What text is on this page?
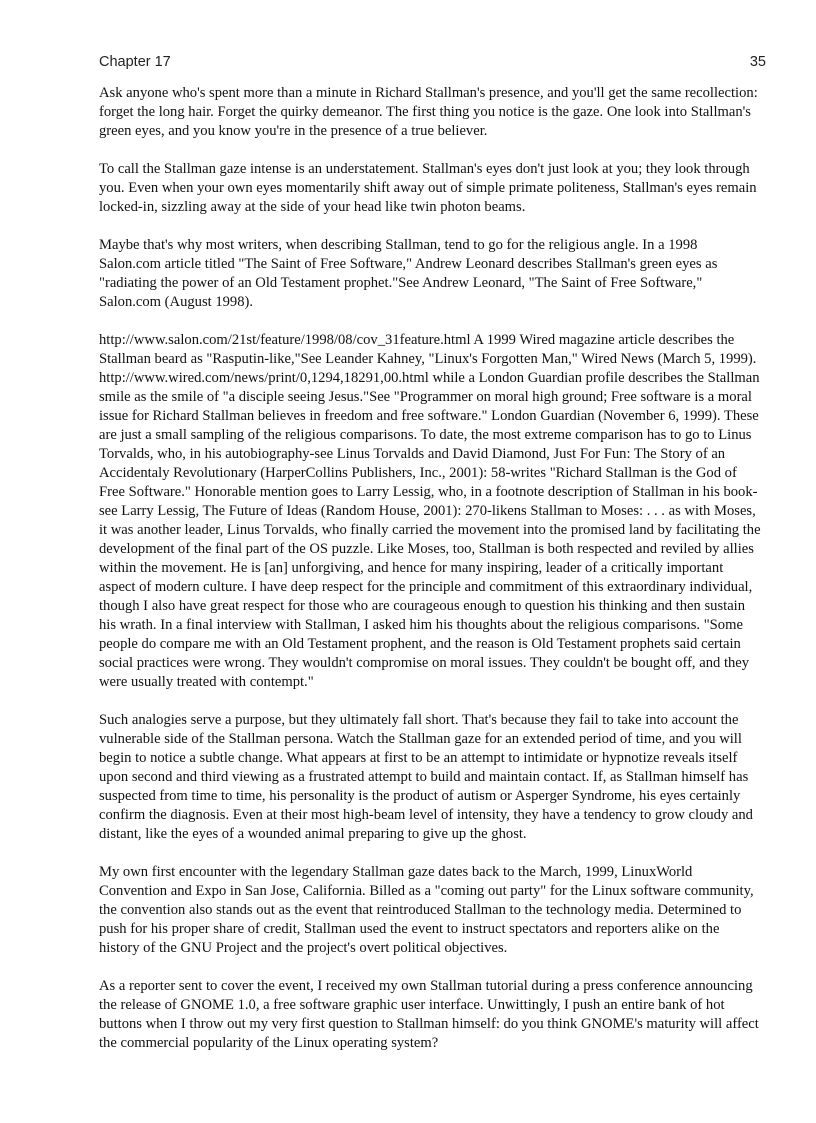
Chapter 17	35

Ask anyone who's spent more than a minute in Richard Stallman's presence, and you'll get the same recollection: forget the long hair. Forget the quirky demeanor. The first thing you notice is the gaze. One look into Stallman's green eyes, and you know you're in the presence of a true believer.

To call the Stallman gaze intense is an understatement. Stallman's eyes don't just look at you; they look through you. Even when your own eyes momentarily shift away out of simple primate politeness, Stallman's eyes remain locked-in, sizzling away at the side of your head like twin photon beams.

Maybe that's why most writers, when describing Stallman, tend to go for the religious angle. In a 1998 Salon.com article titled "The Saint of Free Software," Andrew Leonard describes Stallman's green eyes as "radiating the power of an Old Testament prophet."See Andrew Leonard, "The Saint of Free Software," Salon.com (August 1998).

http://www.salon.com/21st/feature/1998/08/cov_31feature.html A 1999 Wired magazine article describes the Stallman beard as "Rasputin-like,"See Leander Kahney, "Linux's Forgotten Man," Wired News (March 5, 1999). http://www.wired.com/news/print/0,1294,18291,00.html while a London Guardian profile describes the Stallman smile as the smile of "a disciple seeing Jesus."See "Programmer on moral high ground; Free software is a moral issue for Richard Stallman believes in freedom and free software." London Guardian (November 6, 1999). These are just a small sampling of the religious comparisons. To date, the most extreme comparison has to go to Linus Torvalds, who, in his autobiography-see Linus Torvalds and David Diamond, Just For Fun: The Story of an Accidentaly Revolutionary (HarperCollins Publishers, Inc., 2001): 58-writes "Richard Stallman is the God of Free Software." Honorable mention goes to Larry Lessig, who, in a footnote description of Stallman in his book-see Larry Lessig, The Future of Ideas (Random House, 2001): 270-likens Stallman to Moses: . . . as with Moses, it was another leader, Linus Torvalds, who finally carried the movement into the promised land by facilitating the development of the final part of the OS puzzle. Like Moses, too, Stallman is both respected and reviled by allies within the movement. He is [an] unforgiving, and hence for many inspiring, leader of a critically important aspect of modern culture. I have deep respect for the principle and commitment of this extraordinary individual, though I also have great respect for those who are courageous enough to question his thinking and then sustain his wrath. In a final interview with Stallman, I asked him his thoughts about the religious comparisons. "Some people do compare me with an Old Testament prophent, and the reason is Old Testament prophets said certain social practices were wrong. They wouldn't compromise on moral issues. They couldn't be bought off, and they were usually treated with contempt."

Such analogies serve a purpose, but they ultimately fall short. That's because they fail to take into account the vulnerable side of the Stallman persona. Watch the Stallman gaze for an extended period of time, and you will begin to notice a subtle change. What appears at first to be an attempt to intimidate or hypnotize reveals itself upon second and third viewing as a frustrated attempt to build and maintain contact. If, as Stallman himself has suspected from time to time, his personality is the product of autism or Asperger Syndrome, his eyes certainly confirm the diagnosis. Even at their most high-beam level of intensity, they have a tendency to grow cloudy and distant, like the eyes of a wounded animal preparing to give up the ghost.

My own first encounter with the legendary Stallman gaze dates back to the March, 1999, LinuxWorld Convention and Expo in San Jose, California. Billed as a "coming out party" for the Linux software community, the convention also stands out as the event that reintroduced Stallman to the technology media. Determined to push for his proper share of credit, Stallman used the event to instruct spectators and reporters alike on the history of the GNU Project and the project's overt political objectives.

As a reporter sent to cover the event, I received my own Stallman tutorial during a press conference announcing the release of GNOME 1.0, a free software graphic user interface. Unwittingly, I push an entire bank of hot buttons when I throw out my very first question to Stallman himself: do you think GNOME's maturity will affect the commercial popularity of the Linux operating system?
